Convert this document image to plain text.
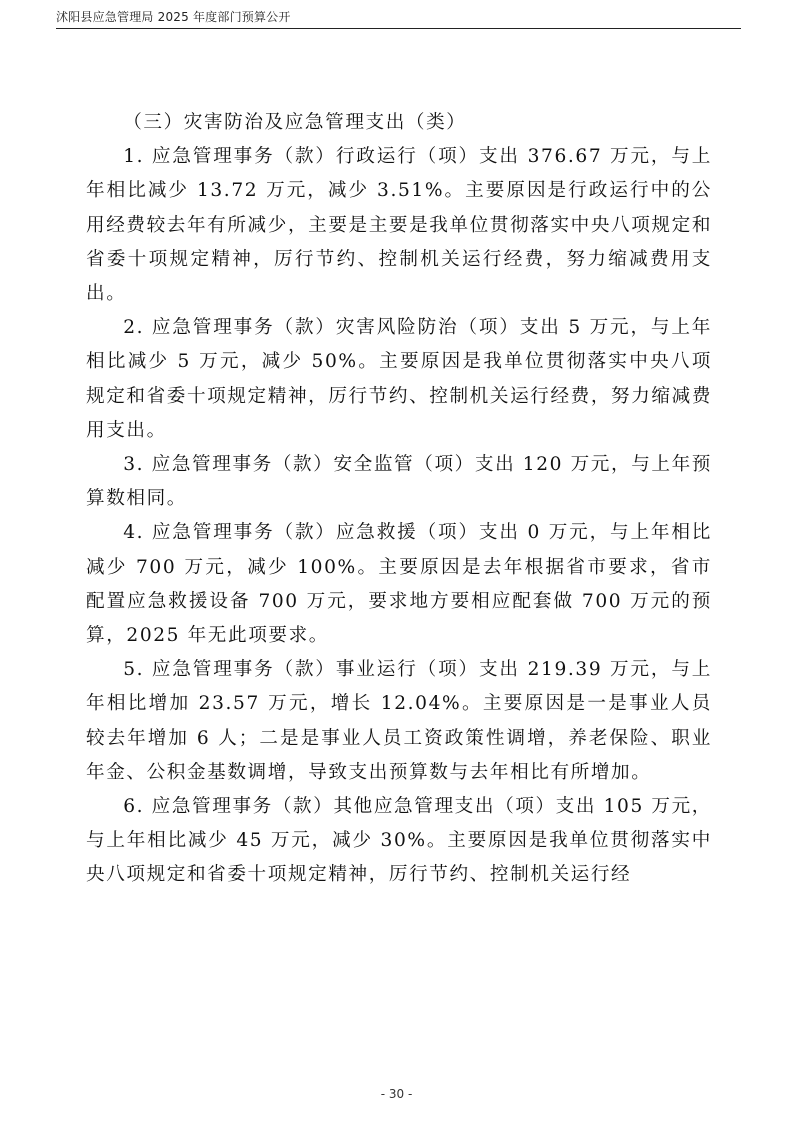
沭阳县应急管理局 2025 年度部门预算公开

（三）灾害防治及应急管理支出（类）

1. 应急管理事务（款）行政运行（项）支出 376.67 万元，与上年相比减少 13.72 万元，减少 3.51%。主要原因是行政运行中的公用经费较去年有所减少，主要是主要是我单位贯彻落实中央八项规定和省委十项规定精神，厉行节约、控制机关运行经费，努力缩减费用支出。

2. 应急管理事务（款）灾害风险防治（项）支出 5 万元，与上年相比减少 5 万元，减少 50%。主要原因是我单位贯彻落实中央八项规定和省委十项规定精神，厉行节约、控制机关运行经费，努力缩减费用支出。

3. 应急管理事务（款）安全监管（项）支出 120 万元，与上年预算数相同。

4. 应急管理事务（款）应急救援（项）支出 0 万元，与上年相比减少 700 万元，减少 100%。主要原因是去年根据省市要求，省市配置应急救援设备 700 万元，要求地方要相应配套做 700 万元的预算，2025 年无此项要求。

5. 应急管理事务（款）事业运行（项）支出 219.39 万元，与上年相比增加 23.57 万元，增长 12.04%。主要原因是一是事业人员较去年增加 6 人；二是是事业人员工资政策性调增，养老保险、职业年金、公积金基数调增，导致支出预算数与去年相比有所增加。

6. 应急管理事务（款）其他应急管理支出（项）支出 105 万元，与上年相比减少 45 万元，减少 30%。主要原因是我单位贯彻落实中央八项规定和省委十项规定精神，厉行节约、控制机关运行经

- 30 -
